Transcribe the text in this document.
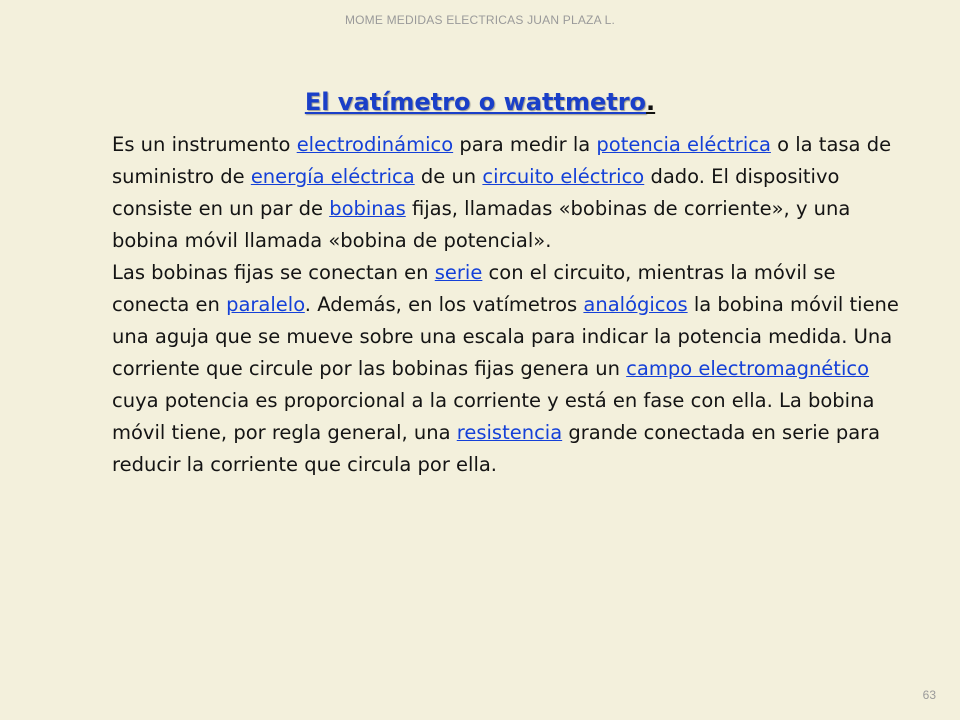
MOME MEDIDAS ELECTRICAS JUAN PLAZA L.
El vatímetro o wattmetro.

Es un instrumento electrodinámico para medir la potencia eléctrica o la tasa de suministro de energía eléctrica de un circuito eléctrico dado. El dispositivo consiste en un par de bobinas fijas, llamadas «bobinas de corriente», y una bobina móvil llamada «bobina de potencial».

Las bobinas fijas se conectan en serie con el circuito, mientras la móvil se conecta en paralelo. Además, en los vatímetros analógicos la bobina móvil tiene una aguja que se mueve sobre una escala para indicar la potencia medida. Una corriente que circule por las bobinas fijas genera un campo electromagnético cuya potencia es proporcional a la corriente y está en fase con ella. La bobina móvil tiene, por regla general, una resistencia grande conectada en serie para reducir la corriente que circula por ella.

63
